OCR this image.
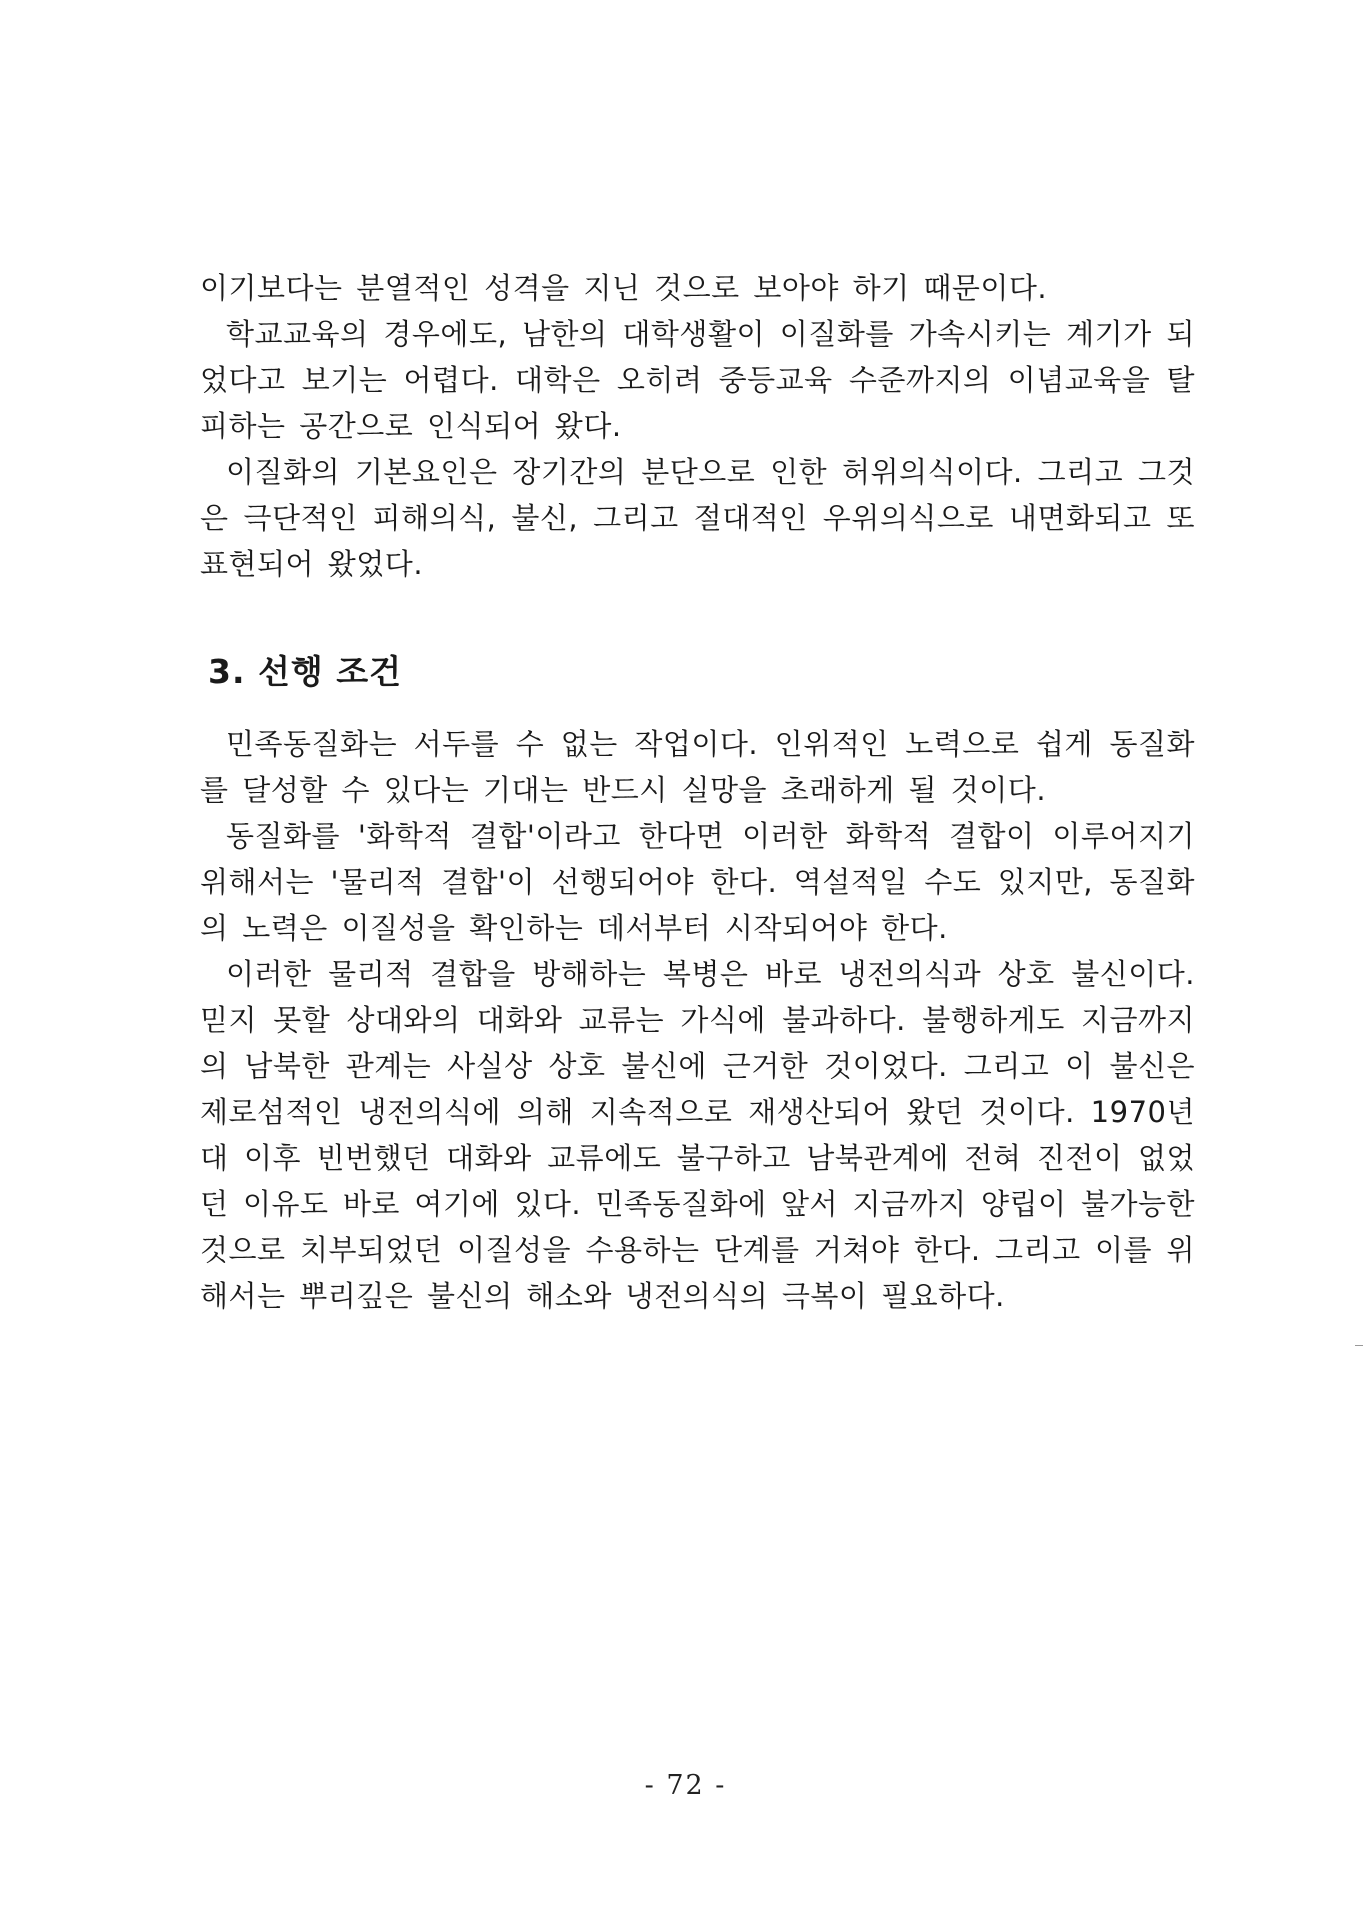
이기보다는 분열적인 성격을 지닌 것으로 보아야 하기 때문이다.

학교교육의 경우에도, 남한의 대학생활이 이질화를 가속시키는 계기가 되었다고 보기는 어렵다. 대학은 오히려 중등교육 수준까지의 이념교육을 탈피하는 공간으로 인식되어 왔다.

이질화의 기본요인은 장기간의 분단으로 인한 허위의식이다. 그리고 그것은 극단적인 피해의식, 불신, 그리고 절대적인 우위의식으로 내면화되고 또 표현되어 왔었다.

3. 선행 조건

민족동질화는 서두를 수 없는 작업이다. 인위적인 노력으로 쉽게 동질화를 달성할 수 있다는 기대는 반드시 실망을 초래하게 될 것이다.

동질화를 '화학적 결합'이라고 한다면 이러한 화학적 결합이 이루어지기 위해서는 '물리적 결합'이 선행되어야 한다. 역설적일 수도 있지만, 동질화의 노력은 이질성을 확인하는 데서부터 시작되어야 한다.

이러한 물리적 결합을 방해하는 복병은 바로 냉전의식과 상호 불신이다. 믿지 못할 상대와의 대화와 교류는 가식에 불과하다. 불행하게도 지금까지의 남북한 관계는 사실상 상호 불신에 근거한 것이었다. 그리고 이 불신은 제로섬적인 냉전의식에 의해 지속적으로 재생산되어 왔던 것이다. 1970년대 이후 빈번했던 대화와 교류에도 불구하고 남북관계에 전혀 진전이 없었던 이유도 바로 여기에 있다. 민족동질화에 앞서 지금까지 양립이 불가능한 것으로 치부되었던 이질성을 수용하는 단계를 거쳐야 한다. 그리고 이를 위해서는 뿌리깊은 불신의 해소와 냉전의식의 극복이 필요하다.

- 72 -
